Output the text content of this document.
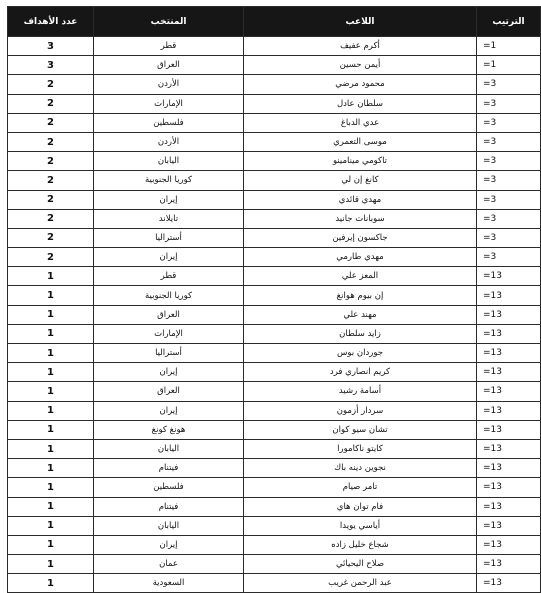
الترتيب	اللاعب	المنتخب	عدد الأهداف
=1	أكرم عفيف	قطر	3
=1	أيمن حسين	العراق	3
=3	محمود مرضي	الأردن	2
=3	سلطان عادل	الإمارات	2
=3	عدي الدباغ	فلسطين	2
=3	موسى التعمري	الأردن	2
=3	تاكومي مينامينو	اليابان	2
=3	كانغ إن لي	كوريا الجنوبية	2
=3	مهدي قائدي	إيران	2
=3	سوبانات جانيد	تايلاند	2
=3	جاكسون إيرفين	أستراليا	2
=3	مهدي طارمي	إيران	2
=13	المعز علي	قطر	1
=13	إن بيوم هوانغ	كوريا الجنوبية	1
=13	مهند علي	العراق	1
=13	زايد سلطان	الإمارات	1
=13	جوردان بوس	أستراليا	1
=13	كريم انصاري فرد	إيران	1
=13	أسامة رشيد	العراق	1
=13	سردار أزمون	إيران	1
=13	تشان سيو كوان	هونغ كونغ	1
=13	كايتو ناكامورا	اليابان	1
=13	نجوين دينه باك	فيتنام	1
=13	تامر صيام	فلسطين	1
=13	فام توان هاي	فيتنام	1
=13	أياسي يويدا	اليابان	1
=13	شجاع خليل زاده	إيران	1
=13	صلاح اليحيائي	عمان	1
=13	عبد الرحمن غريب	السعودية	1
